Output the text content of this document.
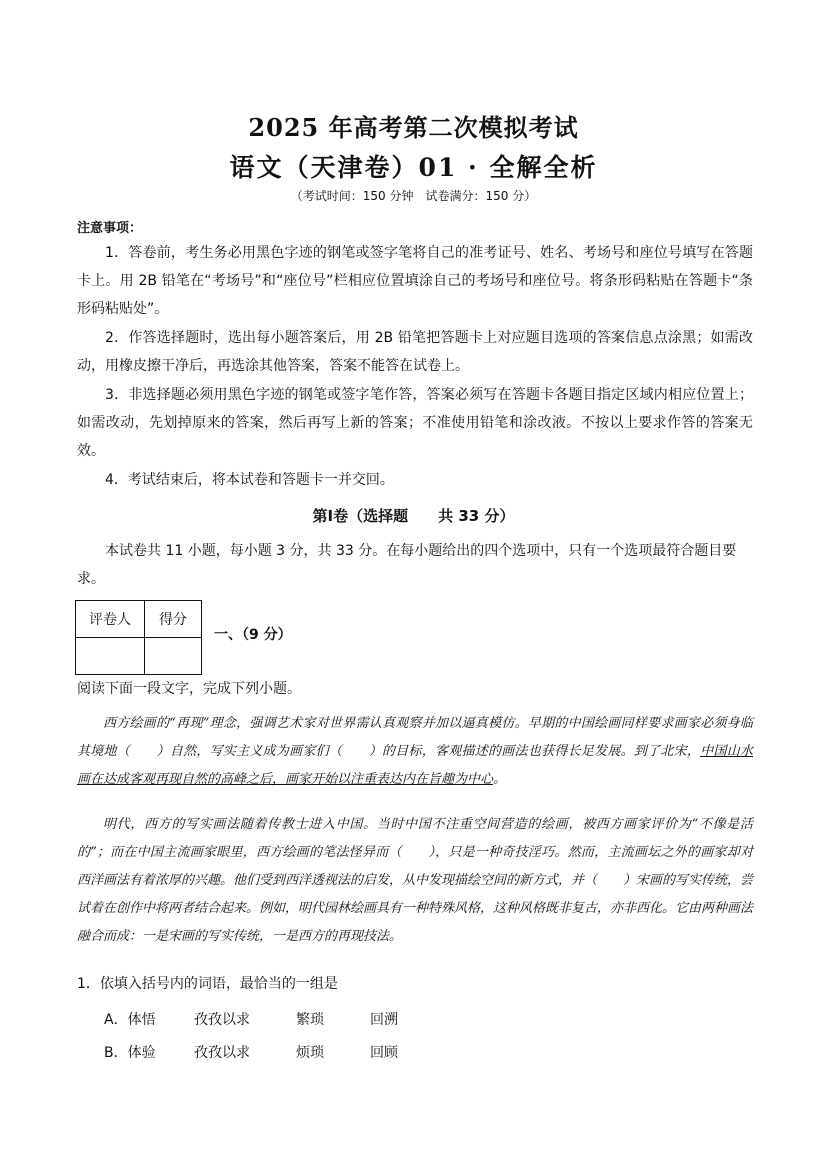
2025 年高考第二次模拟考试
语文（天津卷）01 · 全解全析
（考试时间：150 分钟　试卷满分：150 分）
注意事项：
1．答卷前，考生务必用黑色字迹的钢笔或签字笔将自己的准考证号、姓名、考场号和座位号填写在答题卡上。用 2B 铅笔在“考场号”和“座位号”栏相应位置填涂自己的考场号和座位号。将条形码粘贴在答题卡“条形码粘贴处”。
2．作答选择题时，选出每小题答案后，用 2B 铅笔把答题卡上对应题目选项的答案信息点涂黑；如需改动，用橡皮擦干净后，再选涂其他答案，答案不能答在试卷上。
3．非选择题必须用黑色字迹的钢笔或签字笔作答，答案必须写在答题卡各题目指定区域内相应位置上；如需改动，先划掉原来的答案，然后再写上新的答案；不准使用铅笔和涂改液。不按以上要求作答的答案无效。
4．考试结束后，将本试卷和答题卡一并交回。
第Ⅰ卷（选择题　　共 33 分）
本试卷共 11 小题，每小题 3 分，共 33 分。在每小题给出的四个选项中，只有一个选项最符合题目要求。
评卷人	得分

一、（9 分）
阅读下面一段文字，完成下列小题。
西方绘画的“再现”理念，强调艺术家对世界需认真观察并加以逼真模仿。早期的中国绘画同样要求画家必须身临其境地（　　）自然，写实主义成为画家们（　　）的目标，客观描述的画法也获得长足发展。到了北宋，中国山水画在达成客观再现自然的高峰之后，画家开始以注重表达内在旨趣为中心。
明代，西方的写实画法随着传教士进入中国。当时中国不注重空间营造的绘画，被西方画家评价为“不像是活的”；而在中国主流画家眼里，西方绘画的笔法怪异而（　　），只是一种奇技淫巧。然而，主流画坛之外的画家却对西洋画法有着浓厚的兴趣。他们受到西洋透视法的启发，从中发现描绘空间的新方式，并（　　）宋画的写实传统，尝试着在创作中将两者结合起来。例如，明代园林绘画具有一种特殊风格，这种风格既非复古，亦非西化。它由两种画法融合而成：一是宋画的写实传统，一是西方的再现技法。
1．依填入括号内的词语，最恰当的一组是
A．体悟	孜孜以求	繁琐	回溯
B．体验	孜孜以求	烦琐	回顾
